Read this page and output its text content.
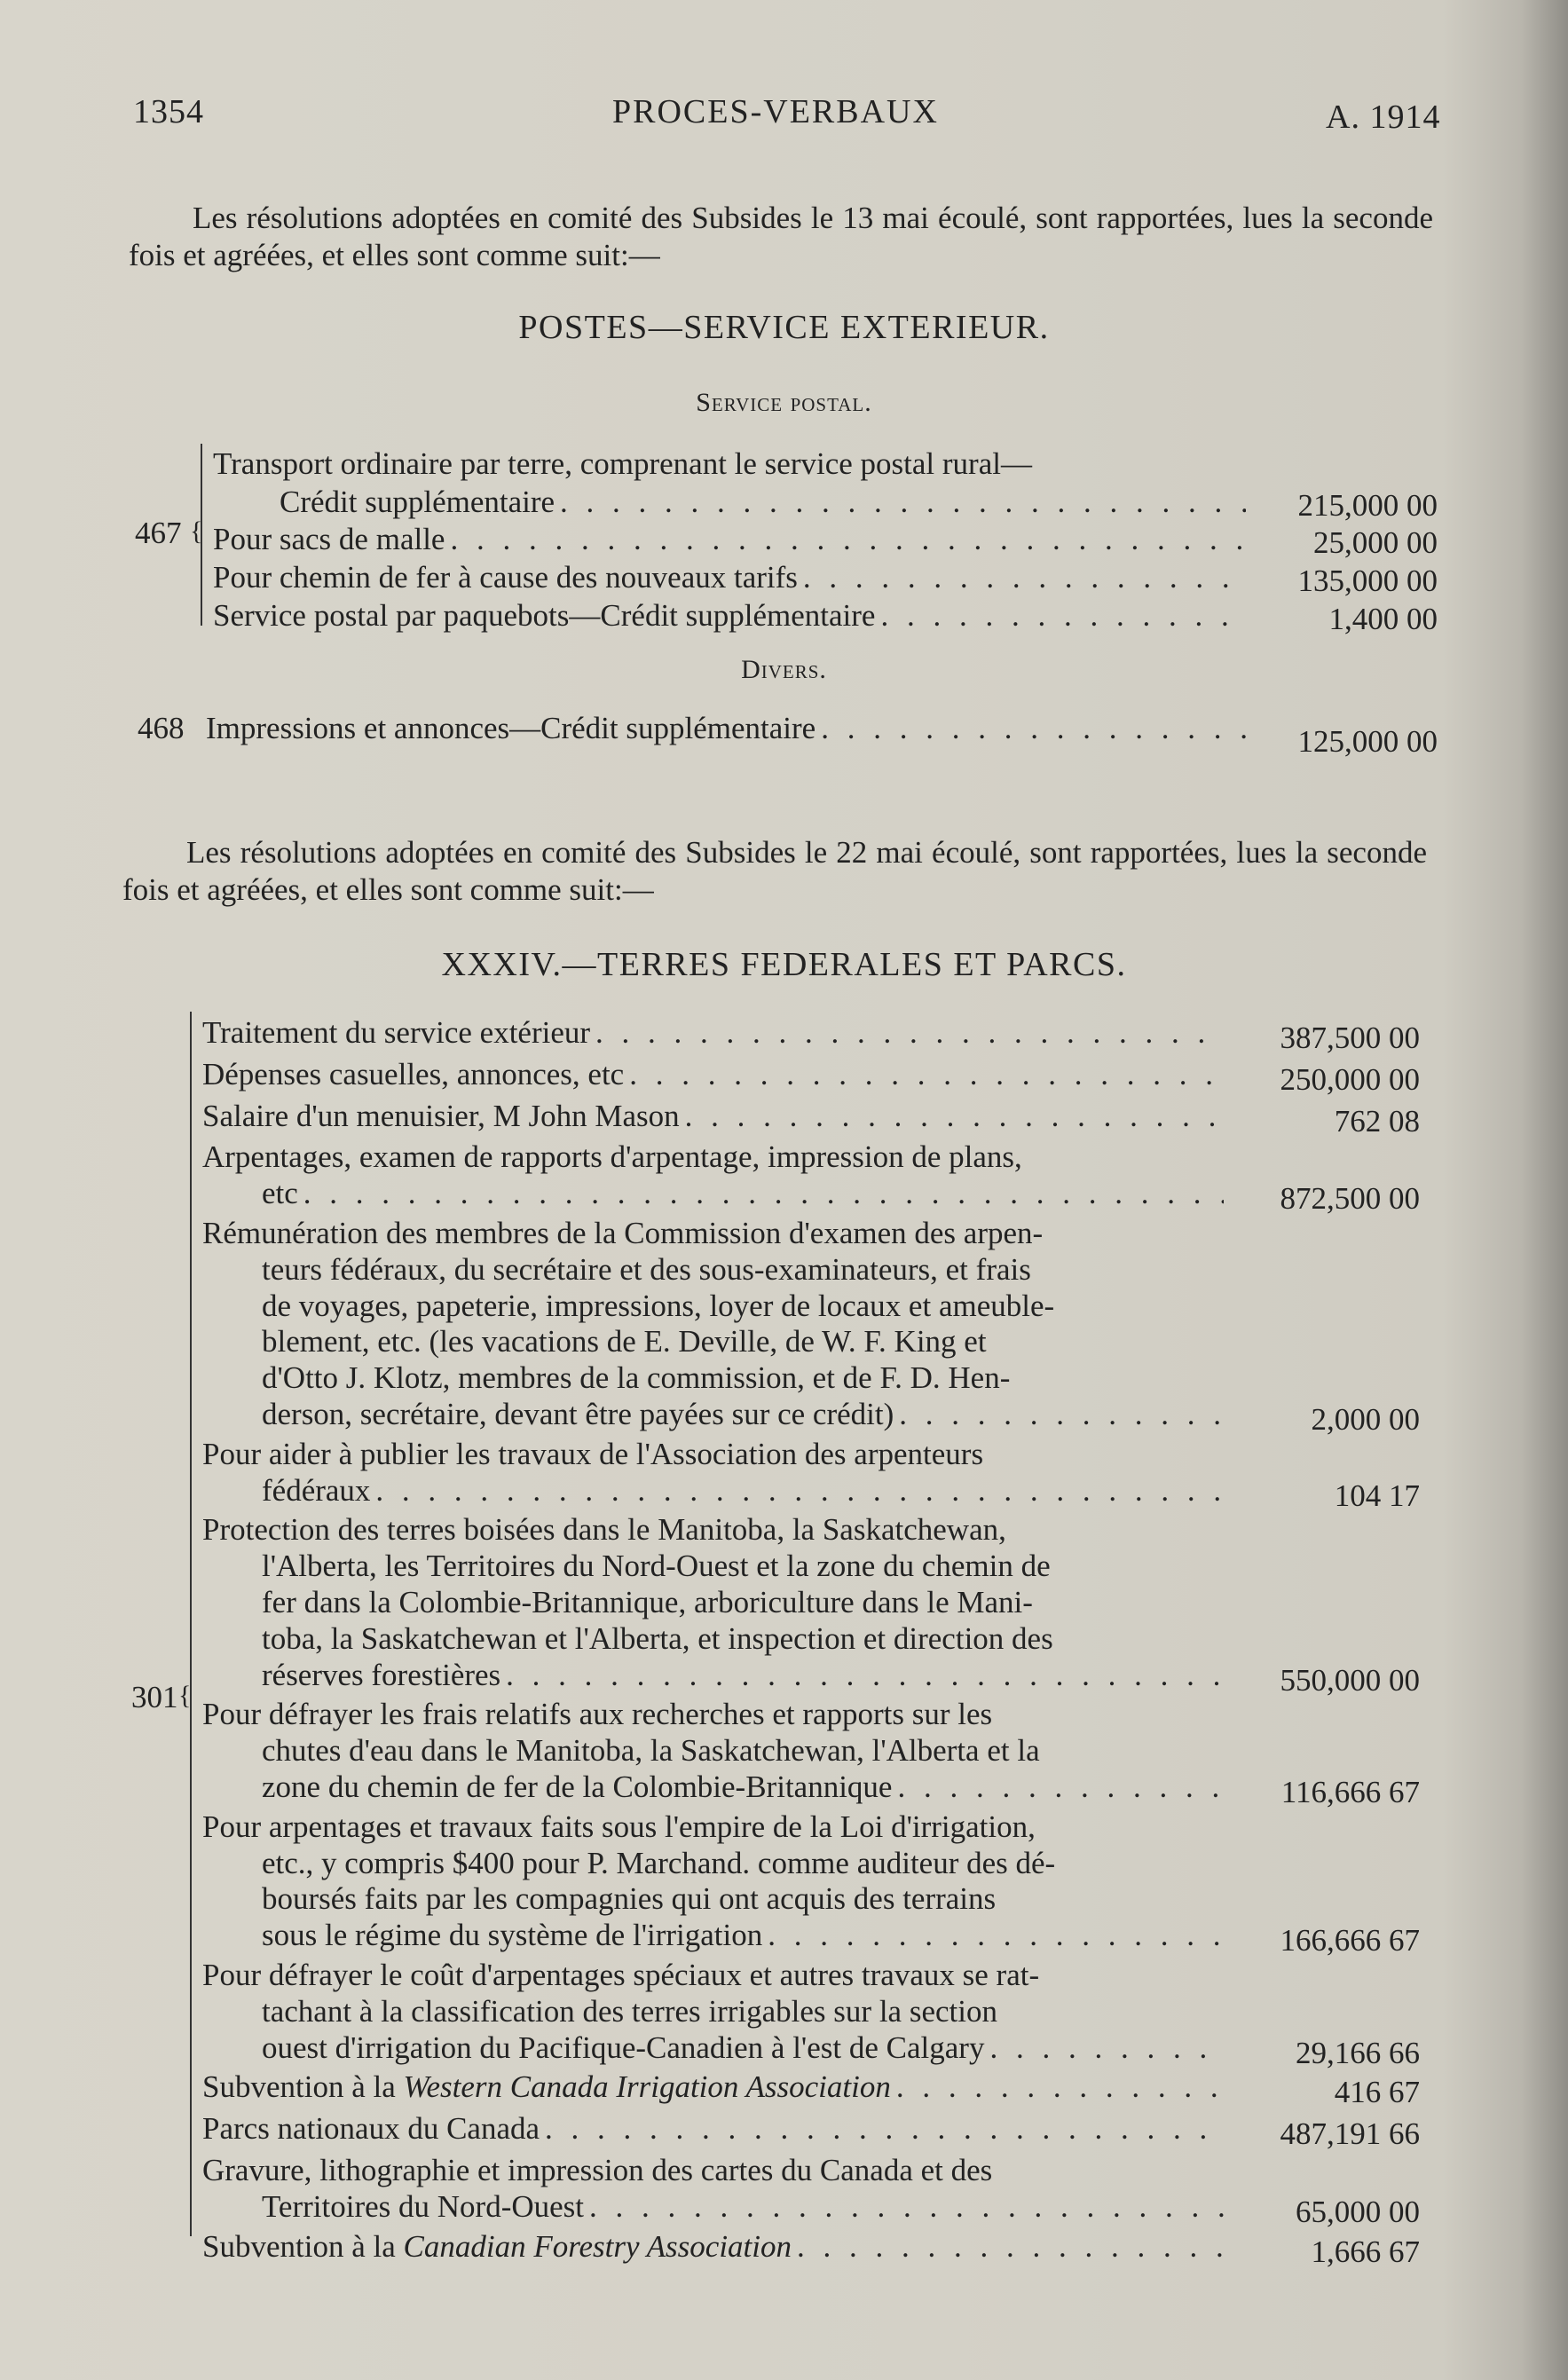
1354	PROCES-VERBAUX	A. 1914
Les résolutions adoptées en comité des Subsides le 13 mai écoulé, sont rapportées, lues la seconde fois et agréées, et elles sont comme suit:—
POSTES—SERVICE EXTERIEUR.
Service postal.
467 {
Transport ordinaire par terre, comprenant le service postal rural—
Crédit supplémentaire . . .	215,000 00
Pour sacs de malle . . .	25,000 00
Pour chemin de fer à cause des nouveaux tarifs . . .	135,000 00
Service postal par paquebots—Crédit supplémentaire . . .	1,400 00
Divers.
468 Impressions et annonces—Crédit supplémentaire . . .	125,000 00
Les résolutions adoptées en comité des Subsides le 22 mai écoulé, sont rapportées, lues la seconde fois et agréées, et elles sont comme suit:—
XXXIV.—TERRES FEDERALES ET PARCS.
301 {
Traitement du service extérieur . . .	387,500 00
Dépenses casuelles, annonces, etc . . .	250,000 00
Salaire d'un menuisier, M John Mason . . .	762 08
Arpentages, examen de rapports d'arpentage, impression de plans,
etc . . .	872,500 00
Rémunération des membres de la Commission d'examen des arpen-
teurs fédéraux, du secrétaire et des sous-examinateurs, et frais
de voyages, papeterie, impressions, loyer de locaux et ameuble-
blement, etc. (les vacations de E. Deville, de W. F. King et
d'Otto J. Klotz, membres de la commission, et de F. D. Hen-
derson, secrétaire, devant être payées sur ce crédit) . . .	2,000 00
Pour aider à publier les travaux de l'Association des arpenteurs
fédéraux . . .	104 17
Protection des terres boisées dans le Manitoba, la Saskatchewan,
l'Alberta, les Territoires du Nord-Ouest et la zone du chemin de
fer dans la Colombie-Britannique, arboriculture dans le Mani-
toba, la Saskatchewan et l'Alberta, et inspection et direction des
réserves forestières . . .	550,000 00
Pour défrayer les frais relatifs aux recherches et rapports sur les
chutes d'eau dans le Manitoba, la Saskatchewan, l'Alberta et la
zone du chemin de fer de la Colombie-Britannique . . .	116,666 67
Pour arpentages et travaux faits sous l'empire de la Loi d'irrigation,
etc., y compris $400 pour P. Marchand. comme auditeur des dé-
boursés faits par les compagnies qui ont acquis des terrains
sous le régime du système de l'irrigation . . .	166,666 67
Pour défrayer le coût d'arpentages spéciaux et autres travaux se rat-
tachant à la classification des terres irrigables sur la section
ouest d'irrigation du Pacifique-Canadien à l'est de Calgary . . .	29,166 66
Subvention à la Western Canada Irrigation Association . . .	416 67
Parcs nationaux du Canada . . .	487,191 66
Gravure, lithographie et impression des cartes du Canada et des
Territoires du Nord-Ouest . . .	65,000 00
Subvention à la Canadian Forestry Association . . .	1,666 67
